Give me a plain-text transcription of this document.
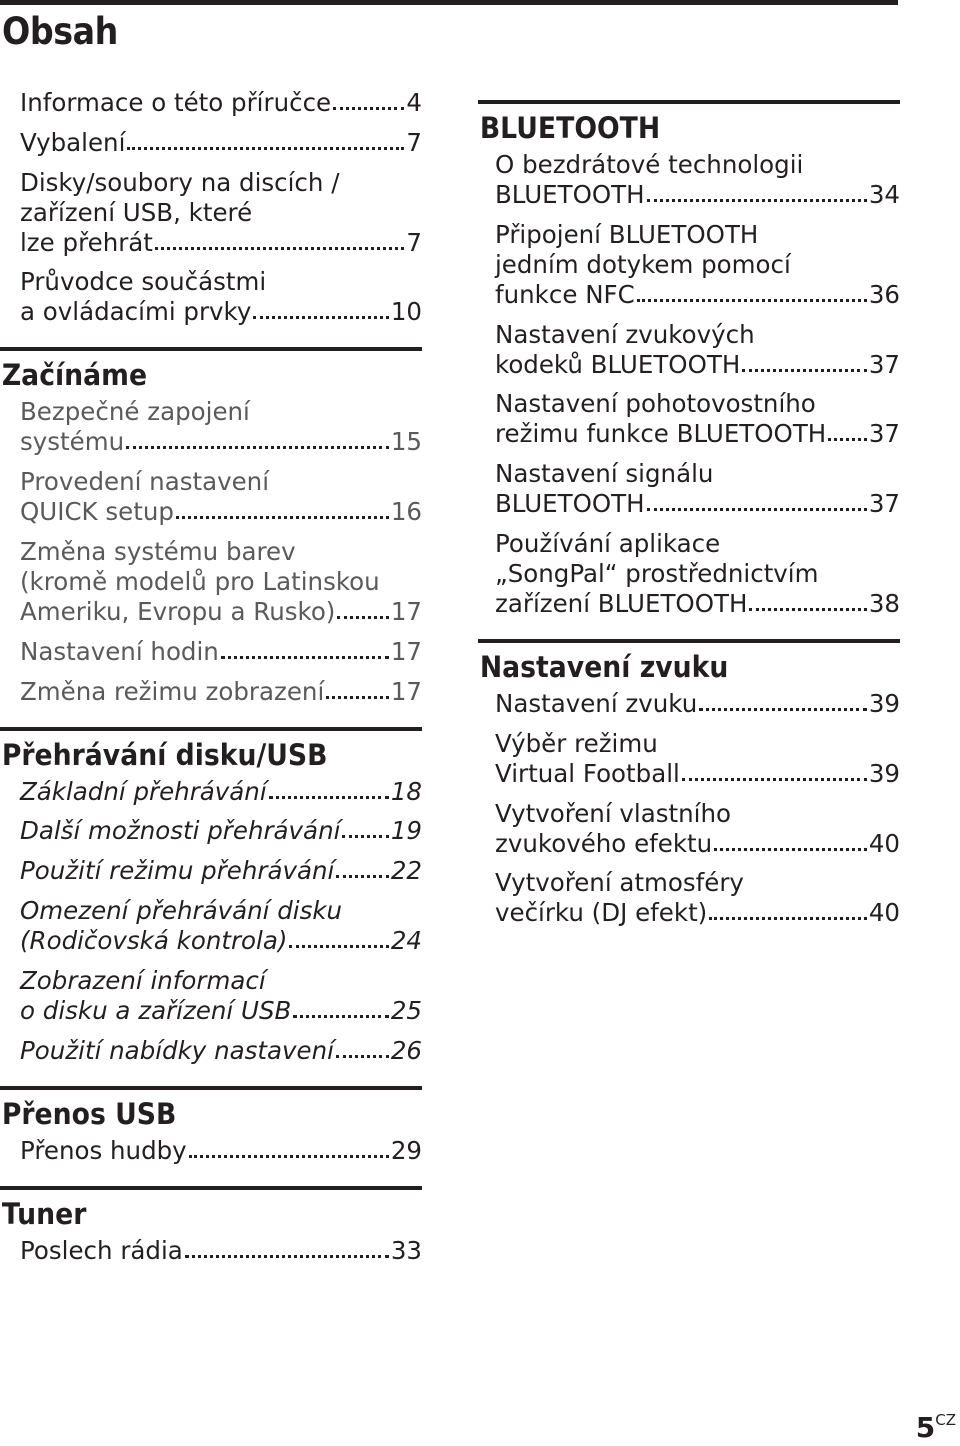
Obsah
Informace o této příručce	4
Vybalení	7
Disky/soubory na discích /
zařízení USB, které
lze přehrát	7
Průvodce součástmi
a ovládacími prvky	10
Začínáme
Bezpečné zapojení
systému	15
Provedení nastavení
QUICK setup	16
Změna systému barev
(kromě modelů pro Latinskou
Ameriku, Evropu a Rusko) 17
Nastavení hodin	17
Změna režimu zobrazení	17
Přehrávání disku/USB
Základní přehrávání	18
Další možnosti přehrávání 19
Použití režimu přehrávání 22
Omezení přehrávání disku
(Rodičovská kontrola)	24
Zobrazení informací
o disku a zařízení USB	25
Použití nabídky nastavení 26
Přenos USB
Přenos hudby	29
Tuner
Poslech rádia	33
BLUETOOTH
O bezdrátové technologii
BLUETOOTH	34
Připojení BLUETOOTH
jedním dotykem pomocí
funkce NFC	36
Nastavení zvukových
kodeků BLUETOOTH	37
Nastavení pohotovostního
režimu funkce BLUETOOTH 37
Nastavení signálu
BLUETOOTH	37
Používání aplikace
„SongPal“ prostřednictvím
zařízení BLUETOOTH	38
Nastavení zvuku
Nastavení zvuku	39
Výběr režimu
Virtual Football	39
Vytvoření vlastního
zvukového efektu	40
Vytvoření atmosféry
večírku (DJ efekt)	40
5CZ
